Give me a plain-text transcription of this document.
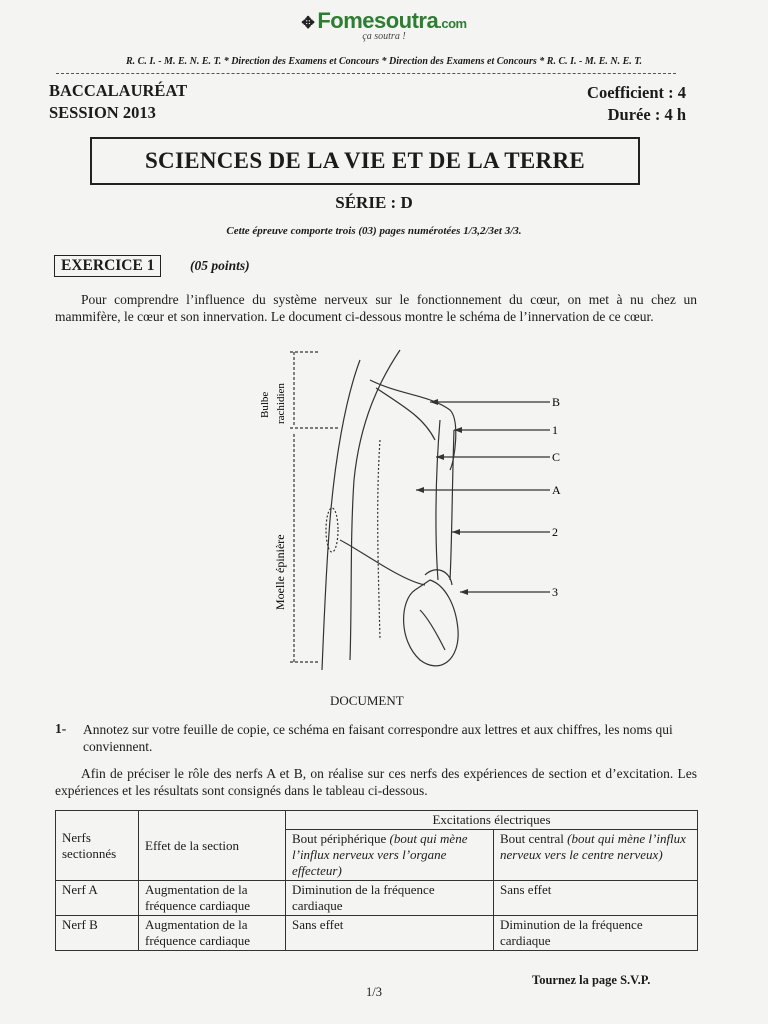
✥ Fomesoutra.com
ça soutra !
R. C. I. - M. E. N. E. T. * Direction des Examens et Concours * Direction des Examens et Concours * R. C. I. - M. E. N. E. T.
BACCALAURÉAT
SESSION 2013
Coefficient : 4
Durée : 4 h
SCIENCES DE LA VIE ET DE LA TERRE
SÉRIE : D
Cette épreuve comporte trois (03) pages numérotées 1/3,2/3et 3/3.
EXERCICE 1	(05 points)
Pour comprendre l’influence du système nerveux sur le fonctionnement du cœur, on met à nu chez un mammifère, le cœur et son innervation. Le document ci-dessous montre le schéma de l’innervation de ce cœur.
Bulbe rachidien
Moelle épinière
B
1
C
A
2
3
DOCUMENT
1- Annotez sur votre feuille de copie, ce schéma en faisant correspondre aux lettres et aux chiffres, les noms qui conviennent.
Afin de préciser le rôle des nerfs A et B, on réalise sur ces nerfs des expériences de section et d’excitation. Les expériences et les résultats sont consignés dans le tableau ci-dessous.
Nerfs sectionnés	Effet de la section	Excitations électriques	
		Bout périphérique (bout qui mène l’influx nerveux vers l’organe effecteur)	Bout central (bout qui mène l’influx nerveux vers le centre nerveux)
Nerf A	Augmentation de la fréquence cardiaque	Diminution de la fréquence cardiaque	Sans effet
Nerf B	Augmentation de la fréquence cardiaque	Sans effet	Diminution de la fréquence cardiaque
Tournez la page S.V.P.
1/3
